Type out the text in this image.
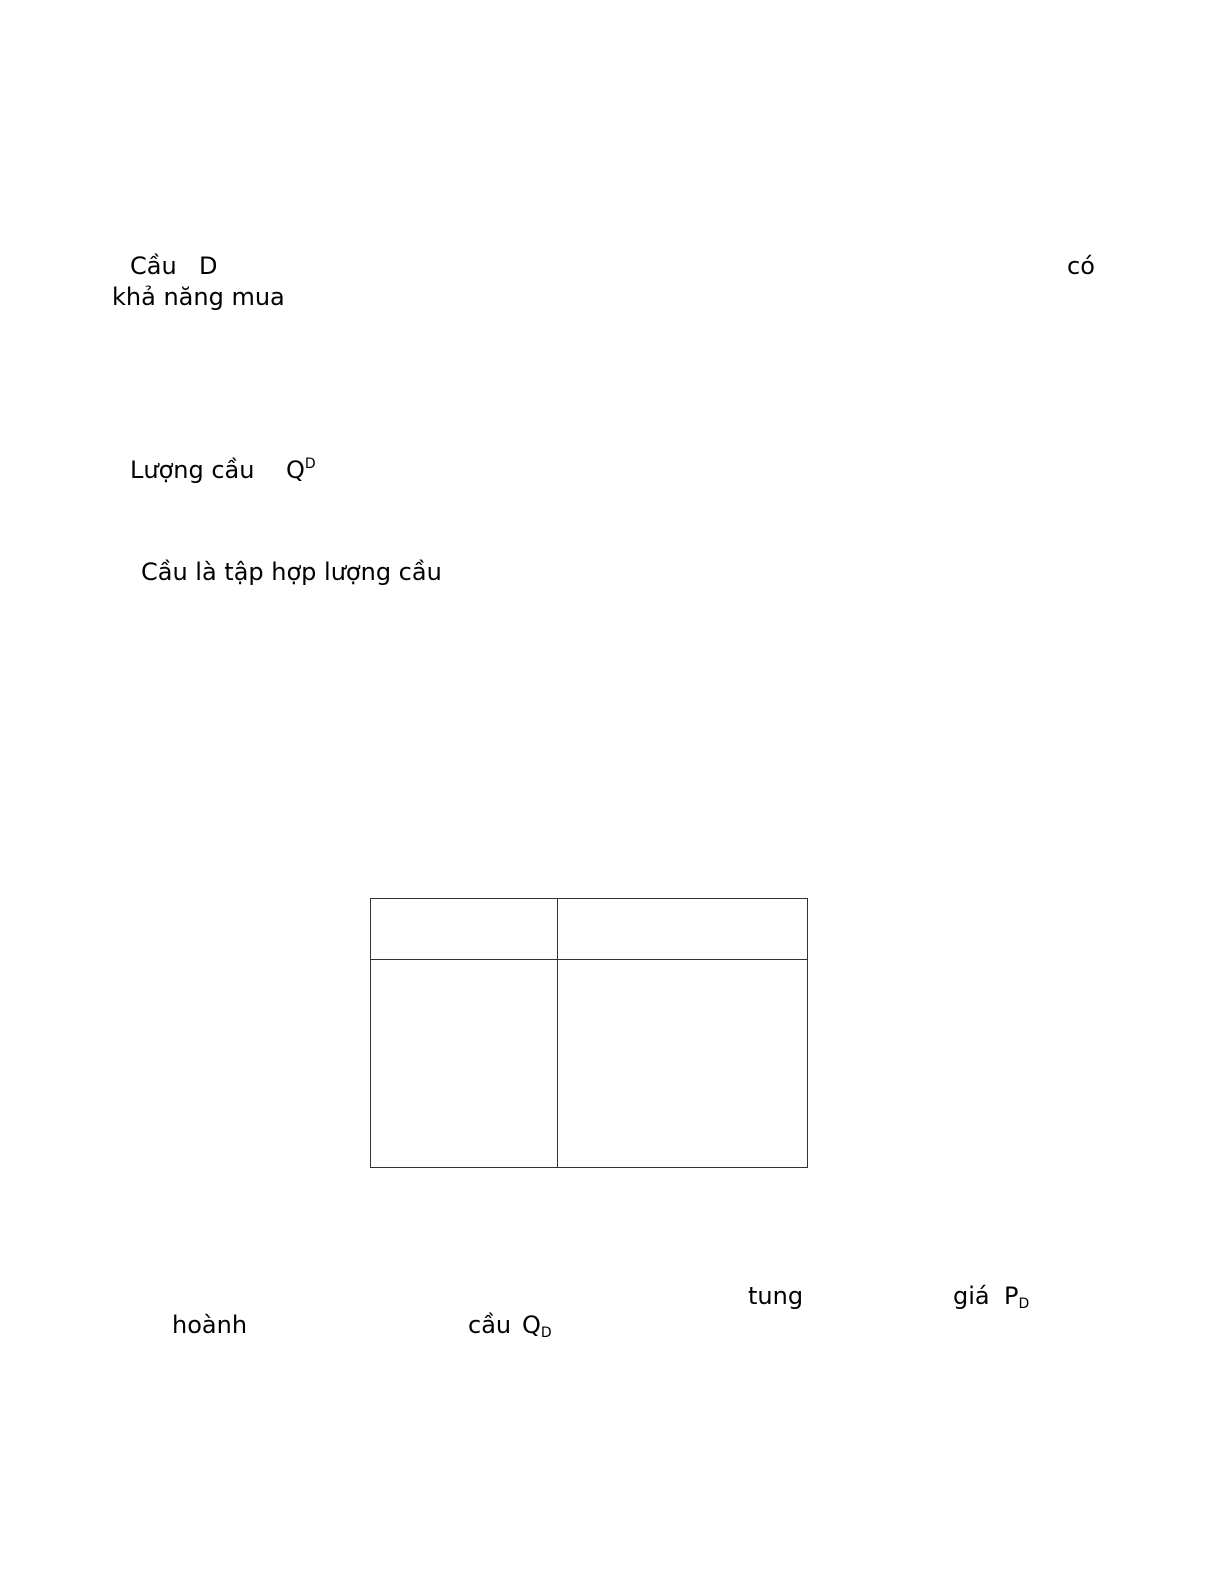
Cầu D	có
khả năng mua
Lượng cầu $Q^D$
Cầu là tập hợp lượng cầu

tung	giá PD
hoành	cầu QD
